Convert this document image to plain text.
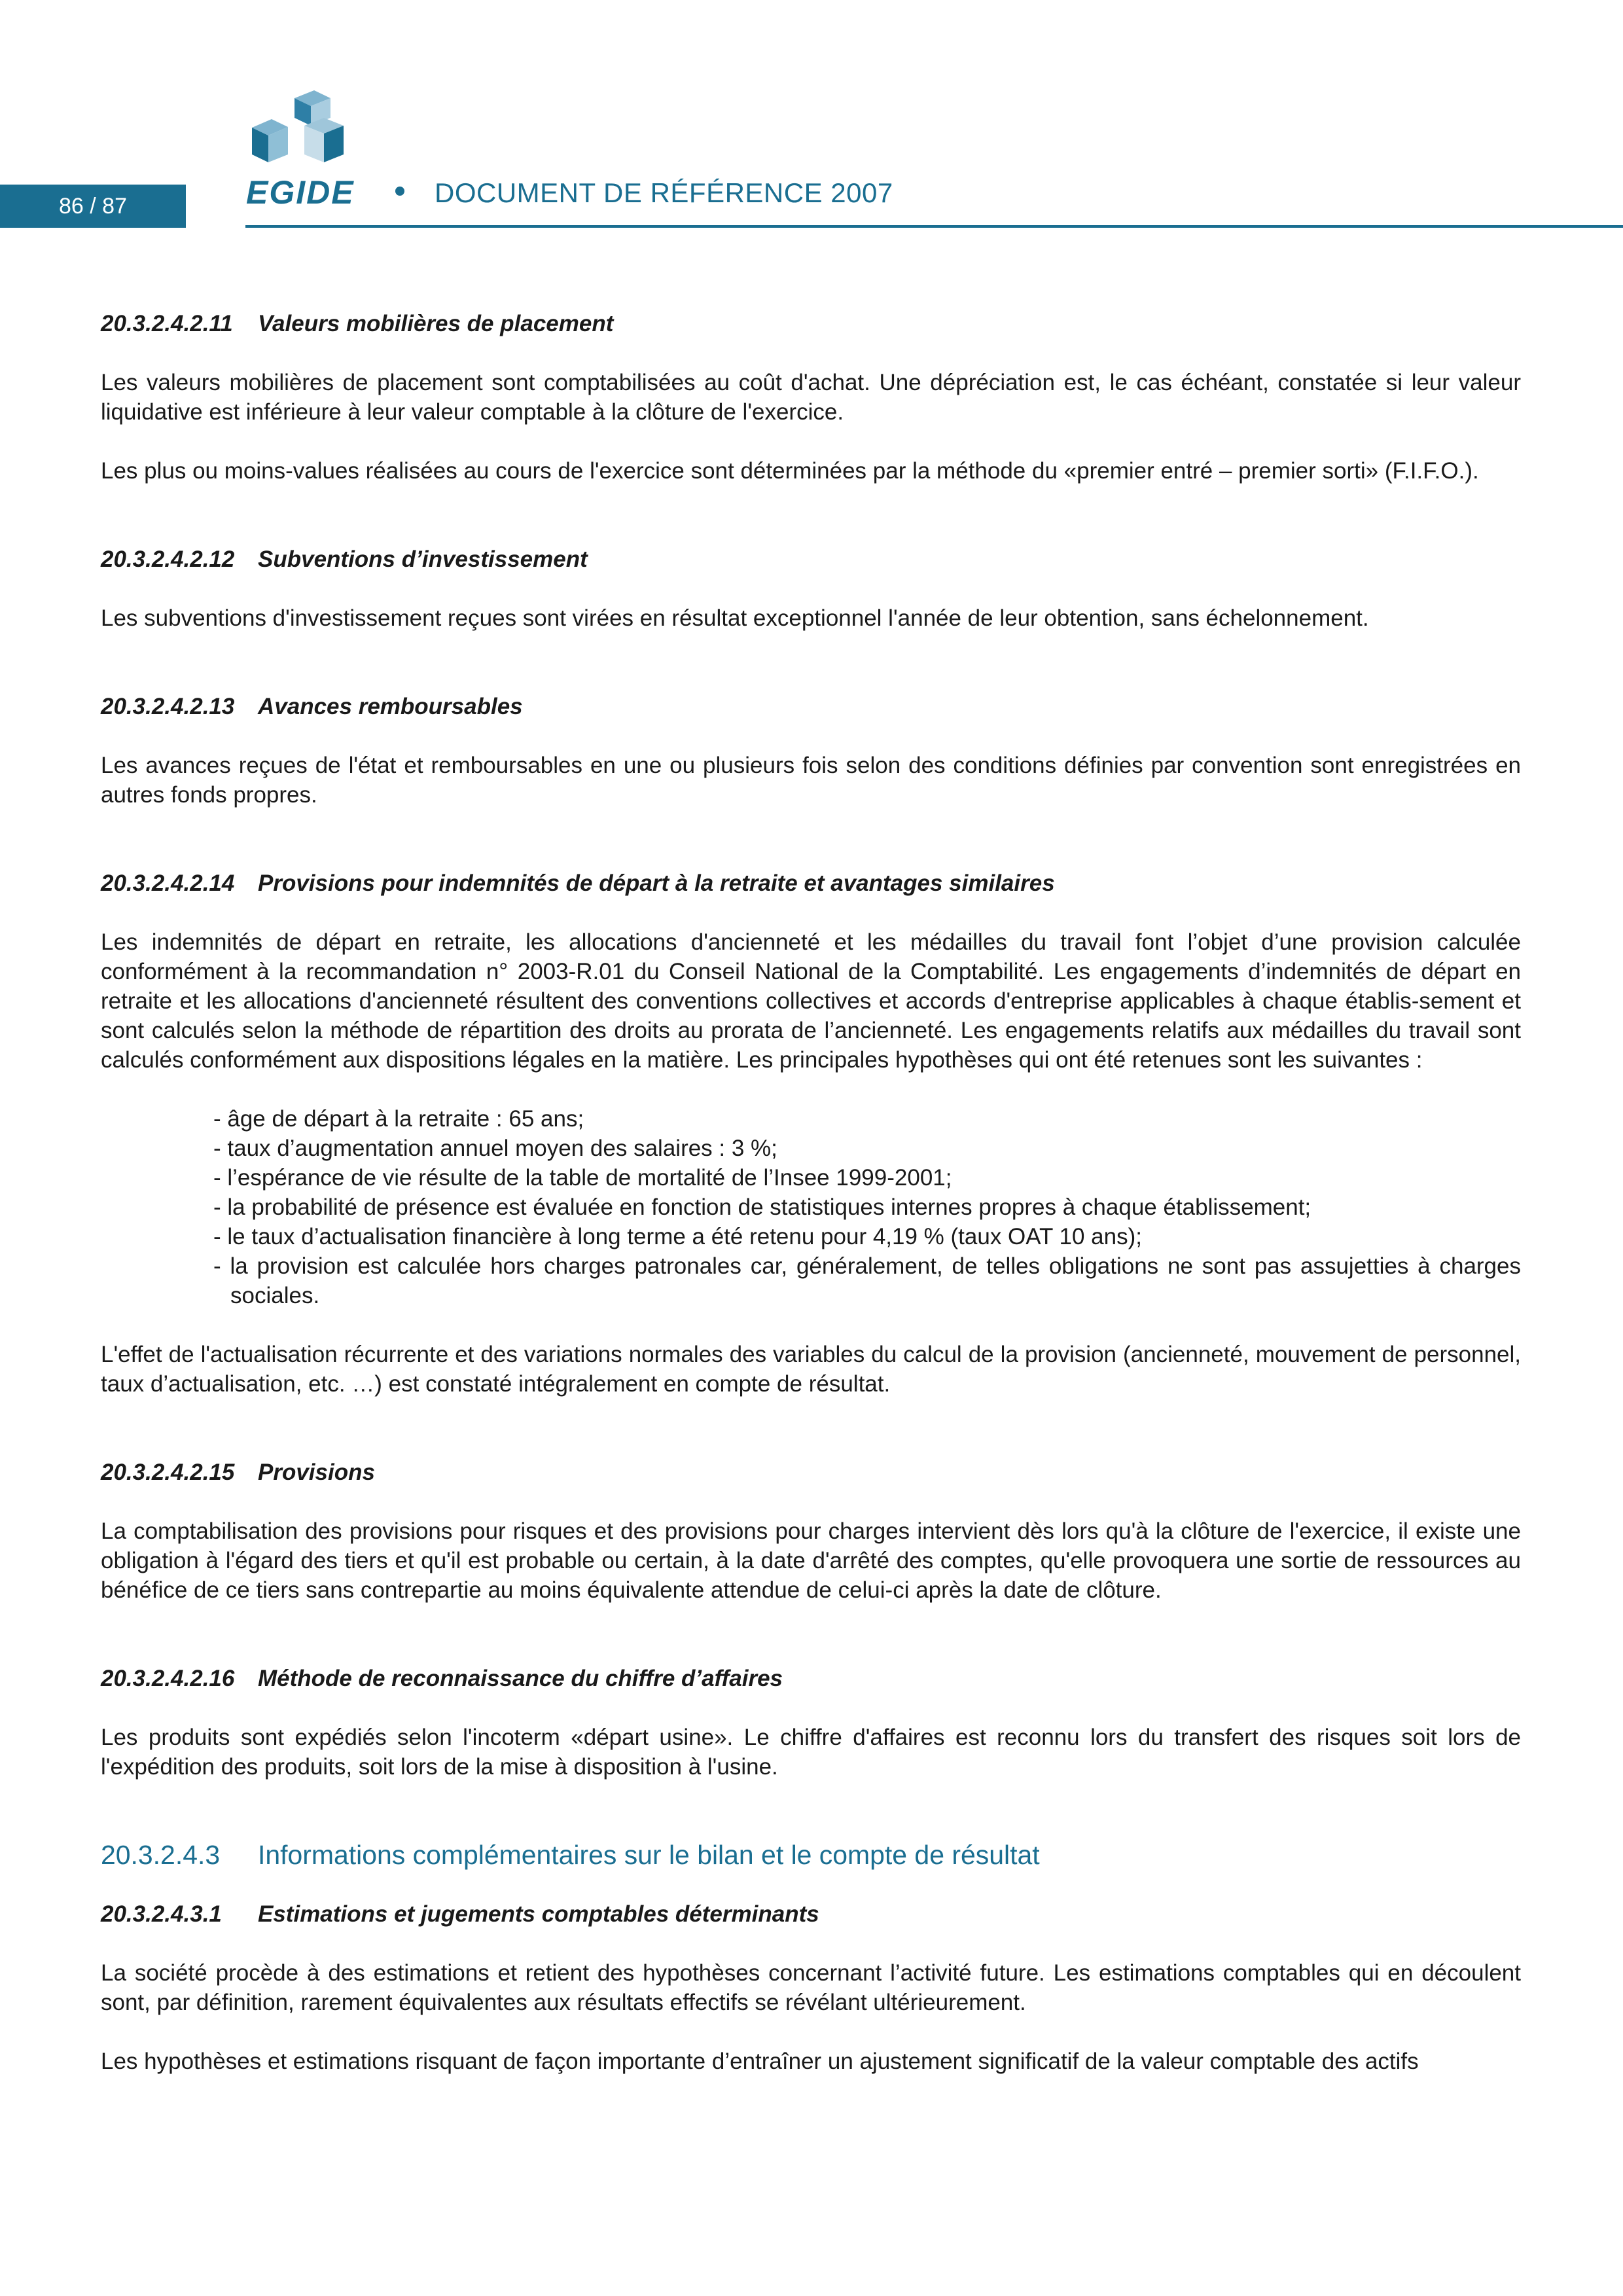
86 / 87	EGIDE	DOCUMENT DE RÉFÉRENCE 2007
20.3.2.4.2.11 Valeurs mobilières de placement

Les valeurs mobilières de placement sont comptabilisées au coût d'achat. Une dépréciation est, le cas échéant, constatée si leur valeur liquidative est inférieure à leur valeur comptable à la clôture de l'exercice.

Les plus ou moins-values réalisées au cours de l'exercice sont déterminées par la méthode du «premier entré – premier sorti» (F.I.F.O.).

20.3.2.4.2.12 Subventions d’investissement

Les subventions d'investissement reçues sont virées en résultat exceptionnel l'année de leur obtention, sans échelonnement.

20.3.2.4.2.13 Avances remboursables

Les avances reçues de l'état et remboursables en une ou plusieurs fois selon des conditions définies par convention sont enregistrées en autres fonds propres.

20.3.2.4.2.14 Provisions pour indemnités de départ à la retraite et avantages similaires

Les indemnités de départ en retraite, les allocations d'ancienneté et les médailles du travail font l’objet d’une provision calculée conformément à la recommandation n° 2003-R.01 du Conseil National de la Comptabilité. Les engagements d’indemnités de départ en retraite et les allocations d'ancienneté résultent des conventions collectives et accords d'entreprise applicables à chaque établis-sement et sont calculés selon la méthode de répartition des droits au prorata de l’ancienneté. Les engagements relatifs aux médailles du travail sont calculés conformément aux dispositions légales en la matière. Les principales hypothèses qui ont été retenues sont les suivantes :

- âge de départ à la retraite : 65 ans;
- taux d’augmentation annuel moyen des salaires : 3 %;
- l’espérance de vie résulte de la table de mortalité de l’Insee 1999-2001;
- la probabilité de présence est évaluée en fonction de statistiques internes propres à chaque établissement;
- le taux d’actualisation financière à long terme a été retenu pour 4,19 % (taux OAT 10 ans);
- la provision est calculée hors charges patronales car, généralement, de telles obligations ne sont pas assujetties à charges sociales.

L'effet de l'actualisation récurrente et des variations normales des variables du calcul de la provision (ancienneté, mouvement de personnel, taux d’actualisation, etc. …) est constaté intégralement en compte de résultat.

20.3.2.4.2.15 Provisions

La comptabilisation des provisions pour risques et des provisions pour charges intervient dès lors qu'à la clôture de l'exercice, il existe une obligation à l'égard des tiers et qu'il est probable ou certain, à la date d'arrêté des comptes, qu'elle provoquera une sortie de ressources au bénéfice de ce tiers sans contrepartie au moins équivalente attendue de celui-ci après la date de clôture.

20.3.2.4.2.16 Méthode de reconnaissance du chiffre d’affaires

Les produits sont expédiés selon l'incoterm «départ usine». Le chiffre d'affaires est reconnu lors du transfert des risques soit lors de l'expédition des produits, soit lors de la mise à disposition à l'usine.

20.3.2.4.3 Informations complémentaires sur le bilan et le compte de résultat
20.3.2.4.3.1 Estimations et jugements comptables déterminants

La société procède à des estimations et retient des hypothèses concernant l’activité future. Les estimations comptables qui en découlent sont, par définition, rarement équivalentes aux résultats effectifs se révélant ultérieurement.

Les hypothèses et estimations risquant de façon importante d’entraîner un ajustement significatif de la valeur comptable des actifs
